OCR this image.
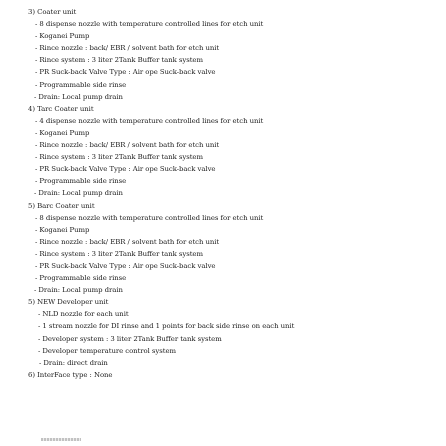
3) Coater unit
- 8 dispense nozzle with temperature controlled lines for etch unit
- Koganei Pump
- Rince nozzle : back/ EBR / solvent bath for etch unit
- Rince system : 3 liter 2Tank Buffer tank system
- PR Suck-back Valve Type : Air ope Suck-back valve
- Programmable side rinse
- Drain: Local pump drain
4) Tarc Coater unit
- 4 dispense nozzle with temperature controlled lines for etch unit
- Koganei Pump
- Rince nozzle : back/ EBR / solvent bath for etch unit
- Rince system : 3 liter 2Tank Buffer tank system
- PR Suck-back Valve Type : Air ope Suck-back valve
- Programmable side rinse
- Drain: Local pump drain
5) Barc Coater unit
- 8 dispense nozzle with temperature controlled lines for etch unit
- Koganei Pump
- Rince nozzle : back/ EBR / solvent bath for etch unit
- Rince system : 3 liter 2Tank Buffer tank system
- PR Suck-back Valve Type : Air ope Suck-back valve
- Programmable side rinse
- Drain: Local pump drain
5) NEW Developer unit
- NLD nozzle for each unit
- 1 stream nozzle for DI rinse and 1 points for back side rinse on each unit
- Developer system : 3 liter 2Tank Buffer tank system
- Developer temperature control system
- Drain: direct drain
6) InterFace type : None
